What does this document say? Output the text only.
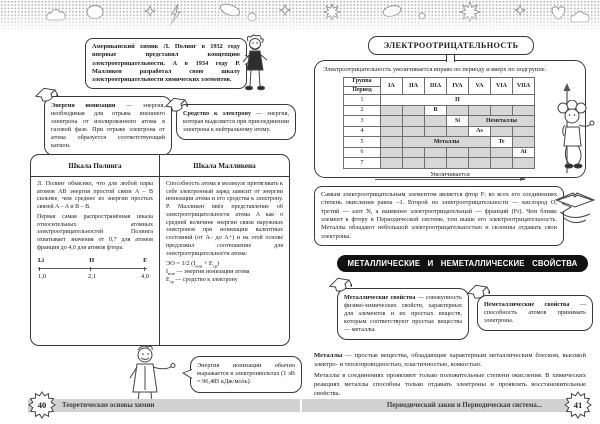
Американский химик Л. Полинг в 1932 году впервые представил концепцию электроотрицательности. А в 1934 году Р. Малликен разработал свою шкалу электроотрицательности химических элементов.
Энергия ионизации — энергия, необходимая для отрыва внешнего электрона от изолированного атома в газовой фазе. При отрыве электрона от атома образуется соответствующий катион.
Сродство к электрону — энергия, которая выделяется при присоединении электрона к нейтральному атому.
Шкала Полинга	Шкала Малликена

Л. Полинг объяснял, что для любой пары атомов AB энергия простой связи A – B сильнее, чем среднее из энергии простых связей A – A и B – B.

Первая самая распространённая шкала относительных атомных электроотрицательностей Полинга охватывает значения от 0,7 для атомов франция до 4,0 для атомов фтора.

Li	H	F
1,0	2,1	4,0

Способность атома в молекуле притягивать к себе электронный заряд зависит от энергии ионизации атома и его сродства к электрону. Р. Малликен ввёл представление об электроотрицательности атома A как о средней величине энергии связи наружных электронов при ионизации валентных состояний (от A– до A+) и на этой основе предложил соотношение для электроотрицательности атома:

ЭО = 1/2 $(I_{ион} + E_{ср})$
$I_{ион}$ — энергии ионизации атома
$E_{ср}$ — сродство к электрону
Энергия ионизации обычно выражается в электронвольтах (1 эВ = 96,485 кДж/моль).
Теоретические основы химии
40
ЭЛЕКТРООТРИЦАТЕЛЬНОСТЬ
Электроотрицательность увеличивается вправо по периоду и вверх по подгруппе.
Группа
Период	IA	IIA	IIIA	IVA	VA	VIA	VIIA
1	H						
2			B				
3				Si	Неметаллы		
4					As		
5		Металлы				Te	
6							At
7							
Увеличивается
Самым электроотрицательным элементом является фтор F: во всех его соединениях степень окисления равна –1. Второй по электроотрицательности — кислород O, третий — азот N, а наименее электроотрицательный — франций (Fr). Чем ближе элемент к фтору в Периодической системе, тем выше его электроотрицательность. Металлы обладают небольшой электроотрицательностью и склонны отдавать свои электроны.
МЕТАЛЛИЧЕСКИЕ И НЕМЕТАЛЛИЧЕСКИЕ СВОЙСТВА
Металлические свойства — совокупность физико-химических свойств, характерных для элементов и их простых веществ, которым соответствуют простые вещества — металлы.
Неметаллические свойства — способность атомов принимать электроны.

Металлы — простые вещества, обладающие характерным металлическим блеском, высокой электро- и теплопроводностью, пластичностью, ковкостью.

Металлы в соединениях проявляют только положительные степени окисления. В химических реакциях металлы способны только отдавать электроны и проявлять восстановительные свойства.

Периодический закон и Периодическая система...	41
